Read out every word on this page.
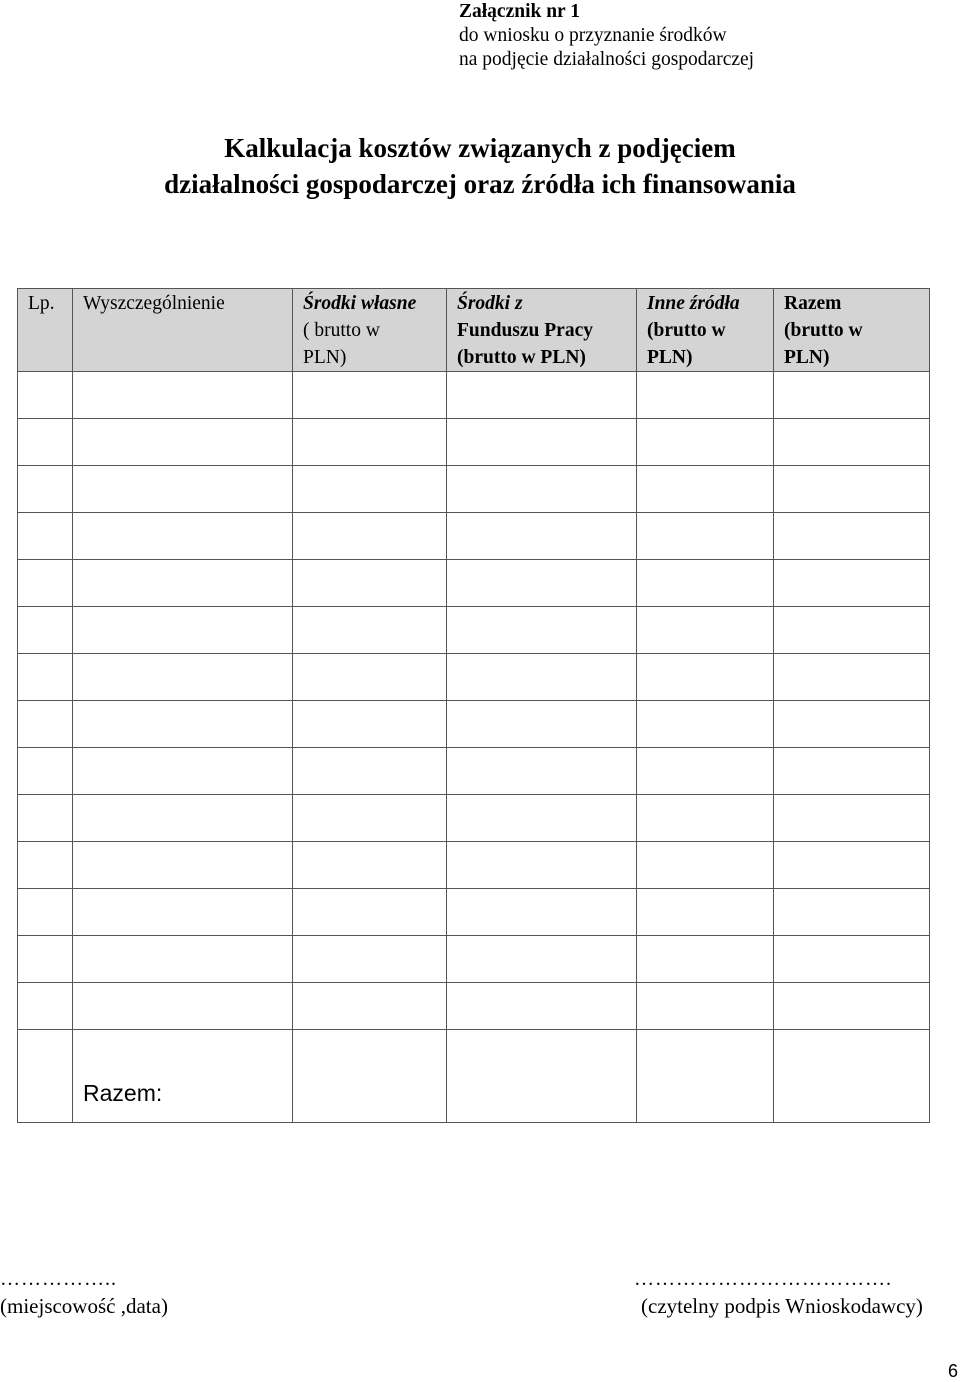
Załącznik nr 1
do wniosku o przyznanie środków
na podjęcie działalności gospodarczej
Kalkulacja kosztów związanych z podjęciem
działalności gospodarczej oraz źródła ich finansowania
Lp.	Wyszczególnienie	Środki własne
( brutto w
PLN)	Środki z
Funduszu Pracy
(brutto w PLN)	Inne źródła
(brutto w
PLN)	Razem
(brutto w
PLN)

	Razem:				

……………..
(miejscowość ,data)
……………………………….
(czytelny podpis Wnioskodawcy)
6
